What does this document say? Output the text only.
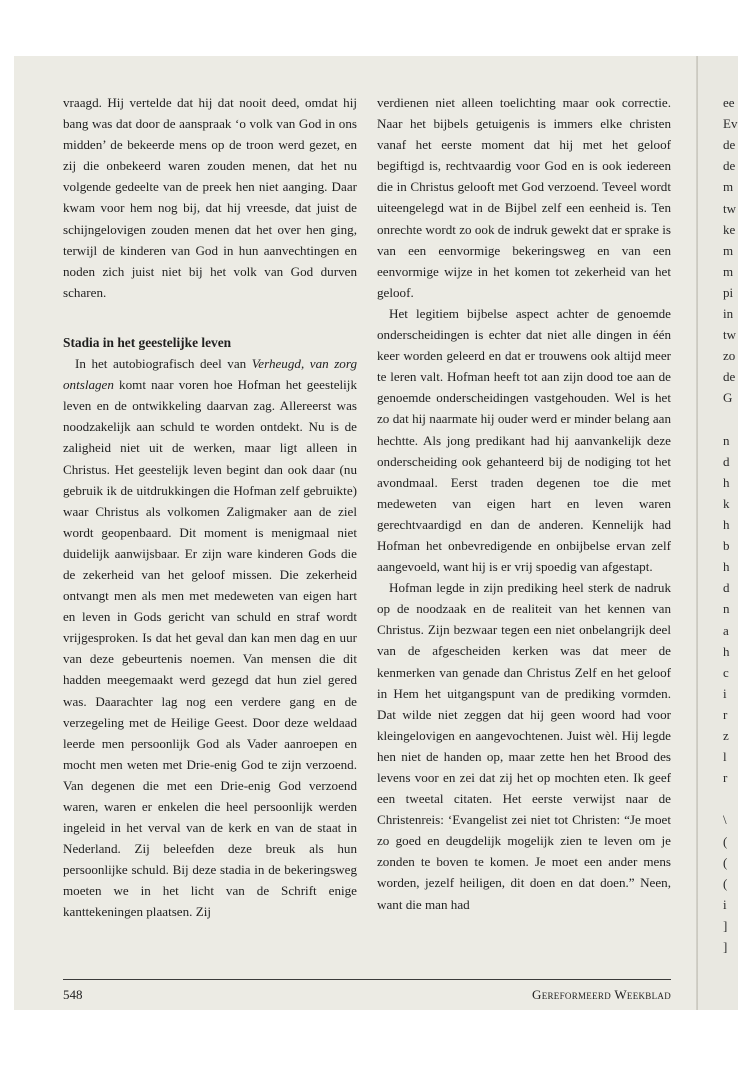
vraagd. Hij vertelde dat hij dat nooit deed, omdat hij bang was dat door de aanspraak ‘o volk van God in ons midden’ de bekeerde mens op de troon werd gezet, en zij die onbekeerd waren zouden menen, dat het nu volgende gedeelte van de preek hen niet aanging. Daar kwam voor hem nog bij, dat hij vreesde, dat juist de schijngelovigen zouden menen dat het over hen ging, terwijl de kinderen van God in hun aanvechtingen en noden zich juist niet bij het volk van God durven scharen.

Stadia in het geestelijke leven

In het autobiografisch deel van Verheugd, van zorg ontslagen komt naar voren hoe Hofman het geestelijk leven en de ontwikkeling daarvan zag. Allereerst was noodzakelijk aan schuld te worden ontdekt. Nu is de zaligheid niet uit de werken, maar ligt alleen in Christus. Het geestelijk leven begint dan ook daar (nu gebruik ik de uitdrukkingen die Hofman zelf gebruikte) waar Christus als volkomen Zaligmaker aan de ziel wordt geopenbaard. Dit moment is menigmaal niet duidelijk aanwijsbaar. Er zijn ware kinderen Gods die de zekerheid van het geloof missen. Die zekerheid ontvangt men als men met medeweten van eigen hart en leven in Gods gericht van schuld en straf wordt vrijgesproken. Is dat het geval dan kan men dag en uur van deze gebeurtenis noemen. Van mensen die dit hadden meegemaakt werd gezegd dat hun ziel gered was. Daarachter lag nog een verdere gang en de verzegeling met de Heilige Geest. Door deze weldaad leerde men persoonlijk God als Vader aanroepen en mocht men weten met Drie-enig God te zijn verzoend. Van degenen die met een Drie-enig God verzoend waren, waren er enkelen die heel persoonlijk werden ingeleid in het verval van de kerk en van de staat in Nederland. Zij beleefden deze breuk als hun persoonlijke schuld. Bij deze stadia in de bekeringsweg moeten we in het licht van de Schrift enige kanttekeningen plaatsen. Zij

verdienen niet alleen toelichting maar ook correctie. Naar het bijbels getuigenis is immers elke christen vanaf het eerste moment dat hij met het geloof begiftigd is, rechtvaardig voor God en is ook iedereen die in Christus gelooft met God verzoend. Teveel wordt uiteengelegd wat in de Bijbel zelf een eenheid is. Ten onrechte wordt zo ook de indruk gewekt dat er sprake is van een eenvormige bekeringsweg en van een eenvormige wijze in het komen tot zekerheid van het geloof.

Het legitiem bijbelse aspect achter de genoemde onderscheidingen is echter dat niet alle dingen in één keer worden geleerd en dat er trouwens ook altijd meer te leren valt. Hofman heeft tot aan zijn dood toe aan de genoemde onderscheidingen vastgehouden. Wel is het zo dat hij naarmate hij ouder werd er minder belang aan hechtte. Als jong predikant had hij aanvankelijk deze onderscheiding ook gehanteerd bij de nodiging tot het avondmaal. Eerst traden degenen toe die met medeweten van eigen hart en leven waren gerechtvaardigd en dan de anderen. Kennelijk had Hofman het onbevredigende en onbijbelse ervan zelf aangevoeld, want hij is er vrij spoedig van afgestapt.

Hofman legde in zijn prediking heel sterk de nadruk op de noodzaak en de realiteit van het kennen van Christus. Zijn bezwaar tegen een niet onbelangrijk deel van de afgescheiden kerken was dat meer de kenmerken van genade dan Christus Zelf en het geloof in Hem het uitgangspunt van de prediking vormden. Dat wilde niet zeggen dat hij geen woord had voor kleingelovigen en aangevochtenen. Juist wèl. Hij legde hen niet de handen op, maar zette hen het Brood des levens voor en zei dat zij het op mochten eten. Ik geef een tweetal citaten. Het eerste verwijst naar de Christenreis: ‘Evangelist zei niet tot Christen: “Je moet zo goed en deugdelijk mogelijk zien te leven om je zonden te boven te komen. Je moet een ander mens worden, jezelf heiligen, dit doen en dat doen.” Neen, want die man had

548	Gereformeerd Weekblad
ee
Ev
de
de
m
tw
ke
m
m
pi
in
tw
zo
de
G
n
d
h
k
h
b
h
d
n
a
h
c
i
r
z
l
r
\
(
(
(
i
]
]
